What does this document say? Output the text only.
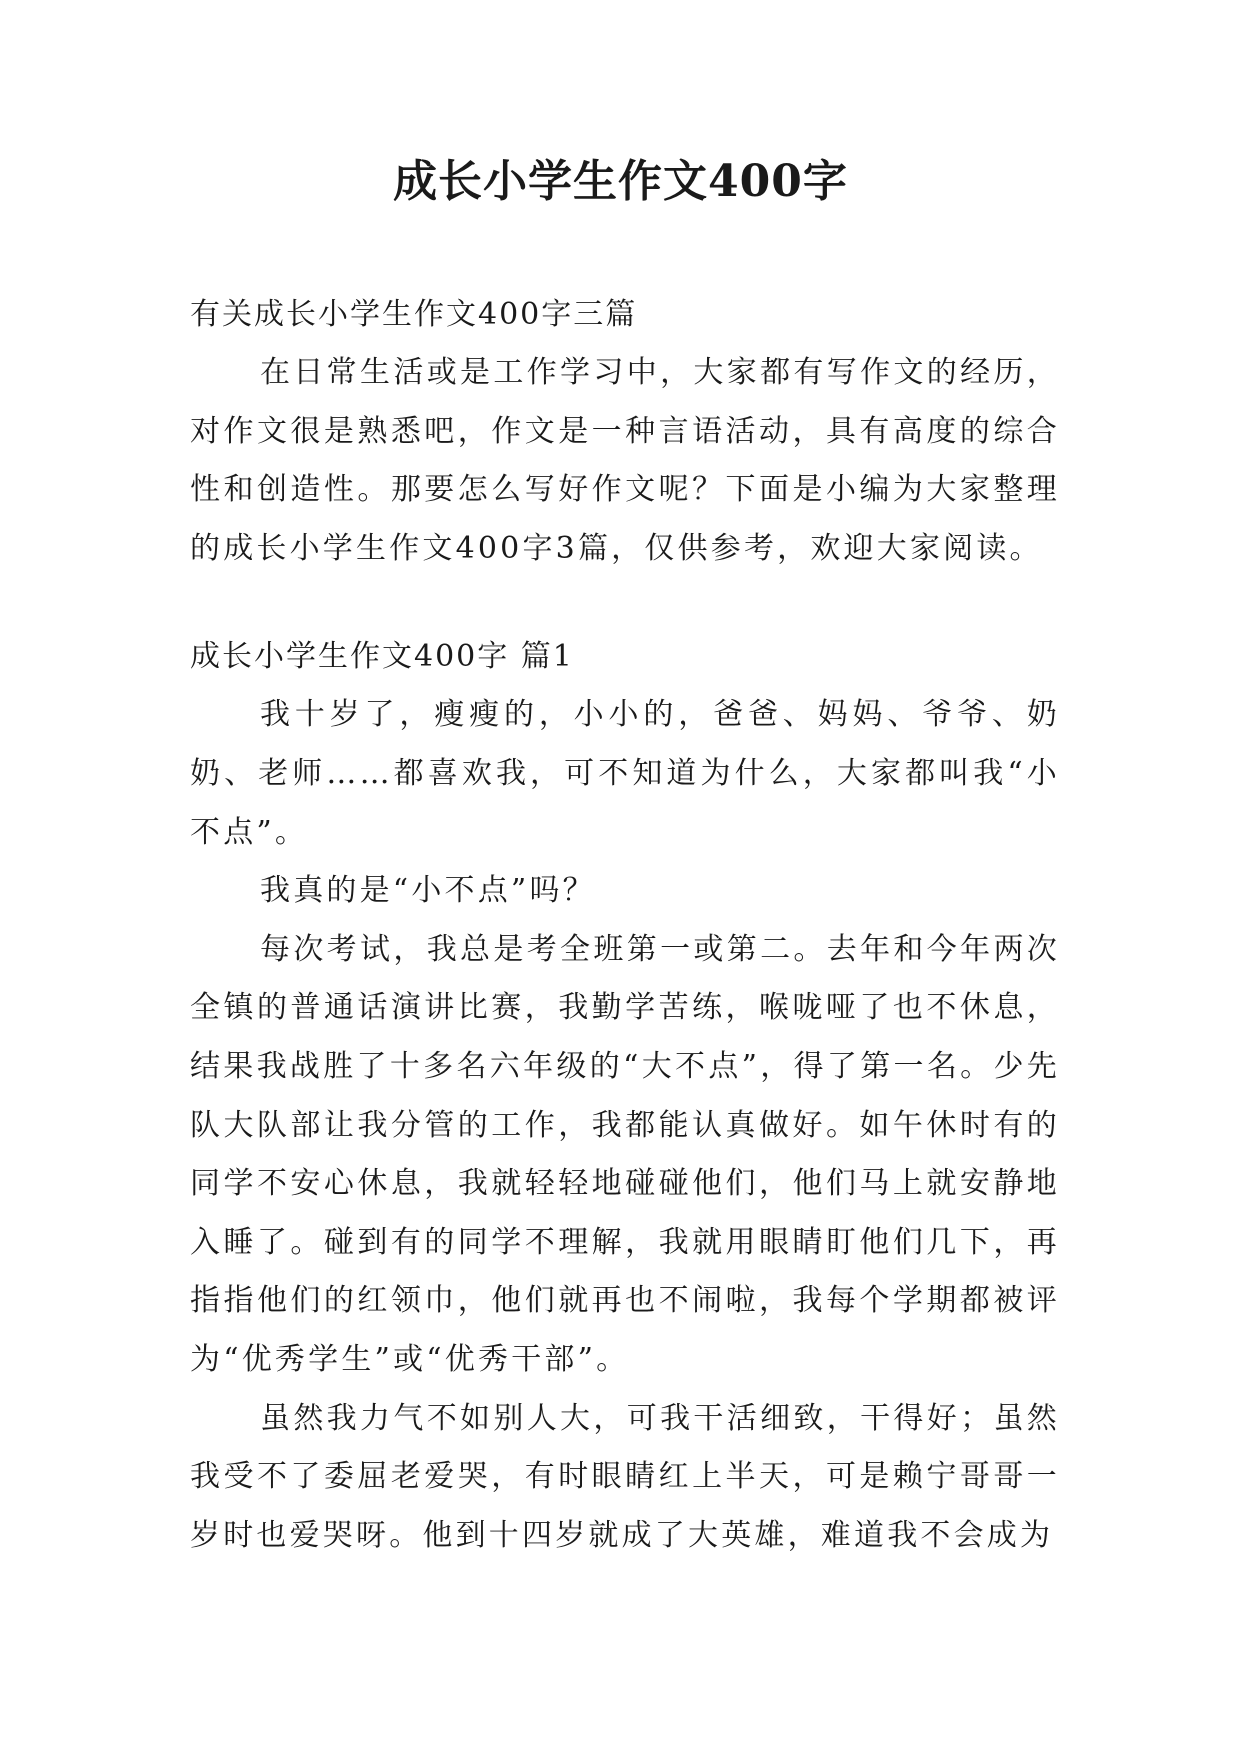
成长小学生作文400字

有关成长小学生作文400字三篇

在日常生活或是工作学习中，大家都有写作文的经历，对作文很是熟悉吧，作文是一种言语活动，具有高度的综合性和创造性。那要怎么写好作文呢？下面是小编为大家整理的成长小学生作文400字3篇，仅供参考，欢迎大家阅读。

成长小学生作文400字 篇1

我十岁了，瘦瘦的，小小的，爸爸、妈妈、爷爷、奶奶、老师……都喜欢我，可不知道为什么，大家都叫我“小不点”。

我真的是“小不点”吗？

每次考试，我总是考全班第一或第二。去年和今年两次全镇的普通话演讲比赛，我勤学苦练，喉咙哑了也不休息，结果我战胜了十多名六年级的“大不点”，得了第一名。少先队大队部让我分管的工作，我都能认真做好。如午休时有的同学不安心休息，我就轻轻地碰碰他们，他们马上就安静地入睡了。碰到有的同学不理解，我就用眼睛盯他们几下，再指指他们的红领巾，他们就再也不闹啦，我每个学期都被评为“优秀学生”或“优秀干部”。

虽然我力气不如别人大，可我干活细致，干得好；虽然我受不了委屈老爱哭，有时眼睛红上半天，可是赖宁哥哥一岁时也爱哭呀。他到十四岁就成了大英雄，难道我不会成为
